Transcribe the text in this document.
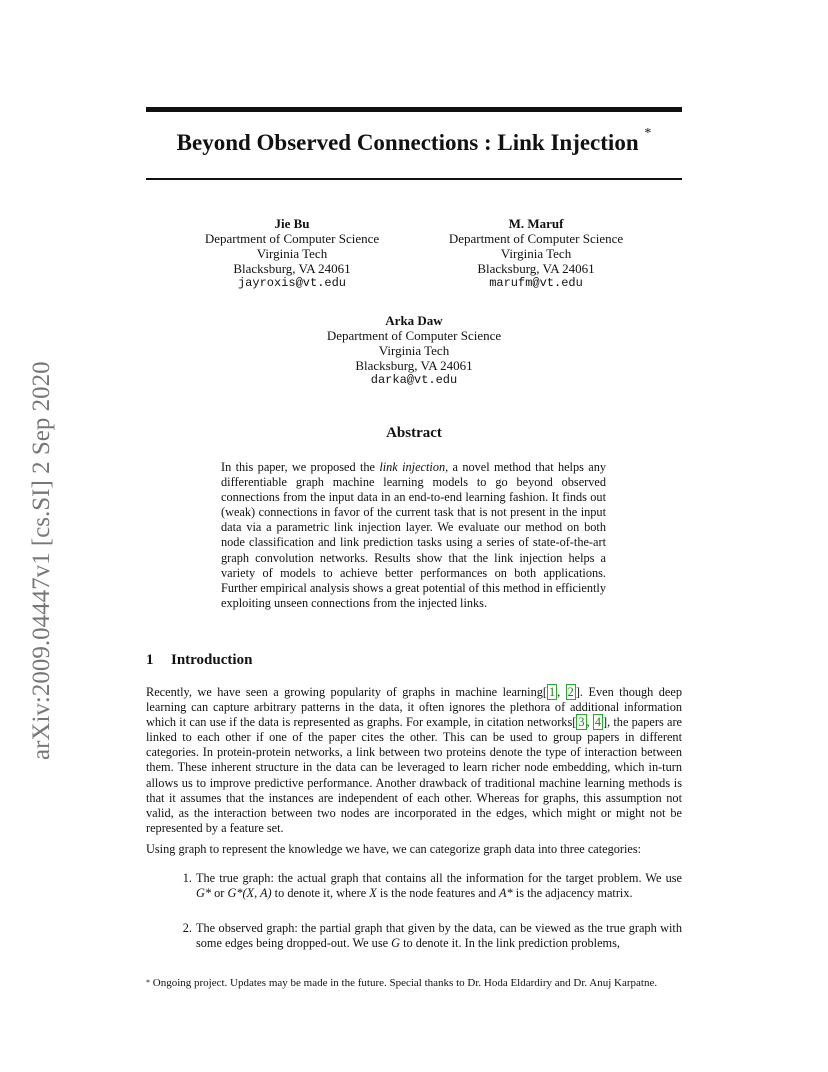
arXiv:2009.04447v1 [cs.SI] 2 Sep 2020
Beyond Observed Connections : Link Injection *
Jie Bu
Department of Computer Science
Virginia Tech
Blacksburg, VA 24061
jayroxis@vt.edu
M. Maruf
Department of Computer Science
Virginia Tech
Blacksburg, VA 24061
marufm@vt.edu
Arka Daw
Department of Computer Science
Virginia Tech
Blacksburg, VA 24061
darka@vt.edu
Abstract
In this paper, we proposed the link injection, a novel method that helps any differentiable graph machine learning models to go beyond observed connections from the input data in an end-to-end learning fashion. It finds out (weak) connections in favor of the current task that is not present in the input data via a parametric link injection layer. We evaluate our method on both node classification and link prediction tasks using a series of state-of-the-art graph convolution networks. Results show that the link injection helps a variety of models to achieve better performances on both applications. Further empirical analysis shows a great potential of this method in efficiently exploiting unseen connections from the injected links.
1 Introduction

Recently, we have seen a growing popularity of graphs in machine learning[ 1 , 2 ]. Even though deep learning can capture arbitrary patterns in the data, it often ignores the plethora of additional information which it can use if the data is represented as graphs. For example, in citation networks[ 3 , 4 ], the papers are linked to each other if one of the paper cites the other. This can be used to group papers in different categories. In protein-protein networks, a link between two proteins denote the type of interaction between them. These inherent structure in the data can be leveraged to learn richer node embedding, which in-turn allows us to improve predictive performance. Another drawback of traditional machine learning methods is that it assumes that the instances are independent of each other. Whereas for graphs, this assumption not valid, as the interaction between two nodes are incorporated in the edges, which might or might not be represented by a feature set.

Using graph to represent the knowledge we have, we can categorize graph data into three categories:

1. The true graph: the actual graph that contains all the information for the target problem. We use G* or G*(X, A) to denote it, where X is the node features and A* is the adjacency matrix.
2. The observed graph: the partial graph that given by the data, can be viewed as the true graph with some edges being dropped-out. We use G to denote it. In the link prediction problems,
* Ongoing project. Updates may be made in the future. Special thanks to Dr. Hoda Eldardiry and Dr. Anuj Karpatne.
